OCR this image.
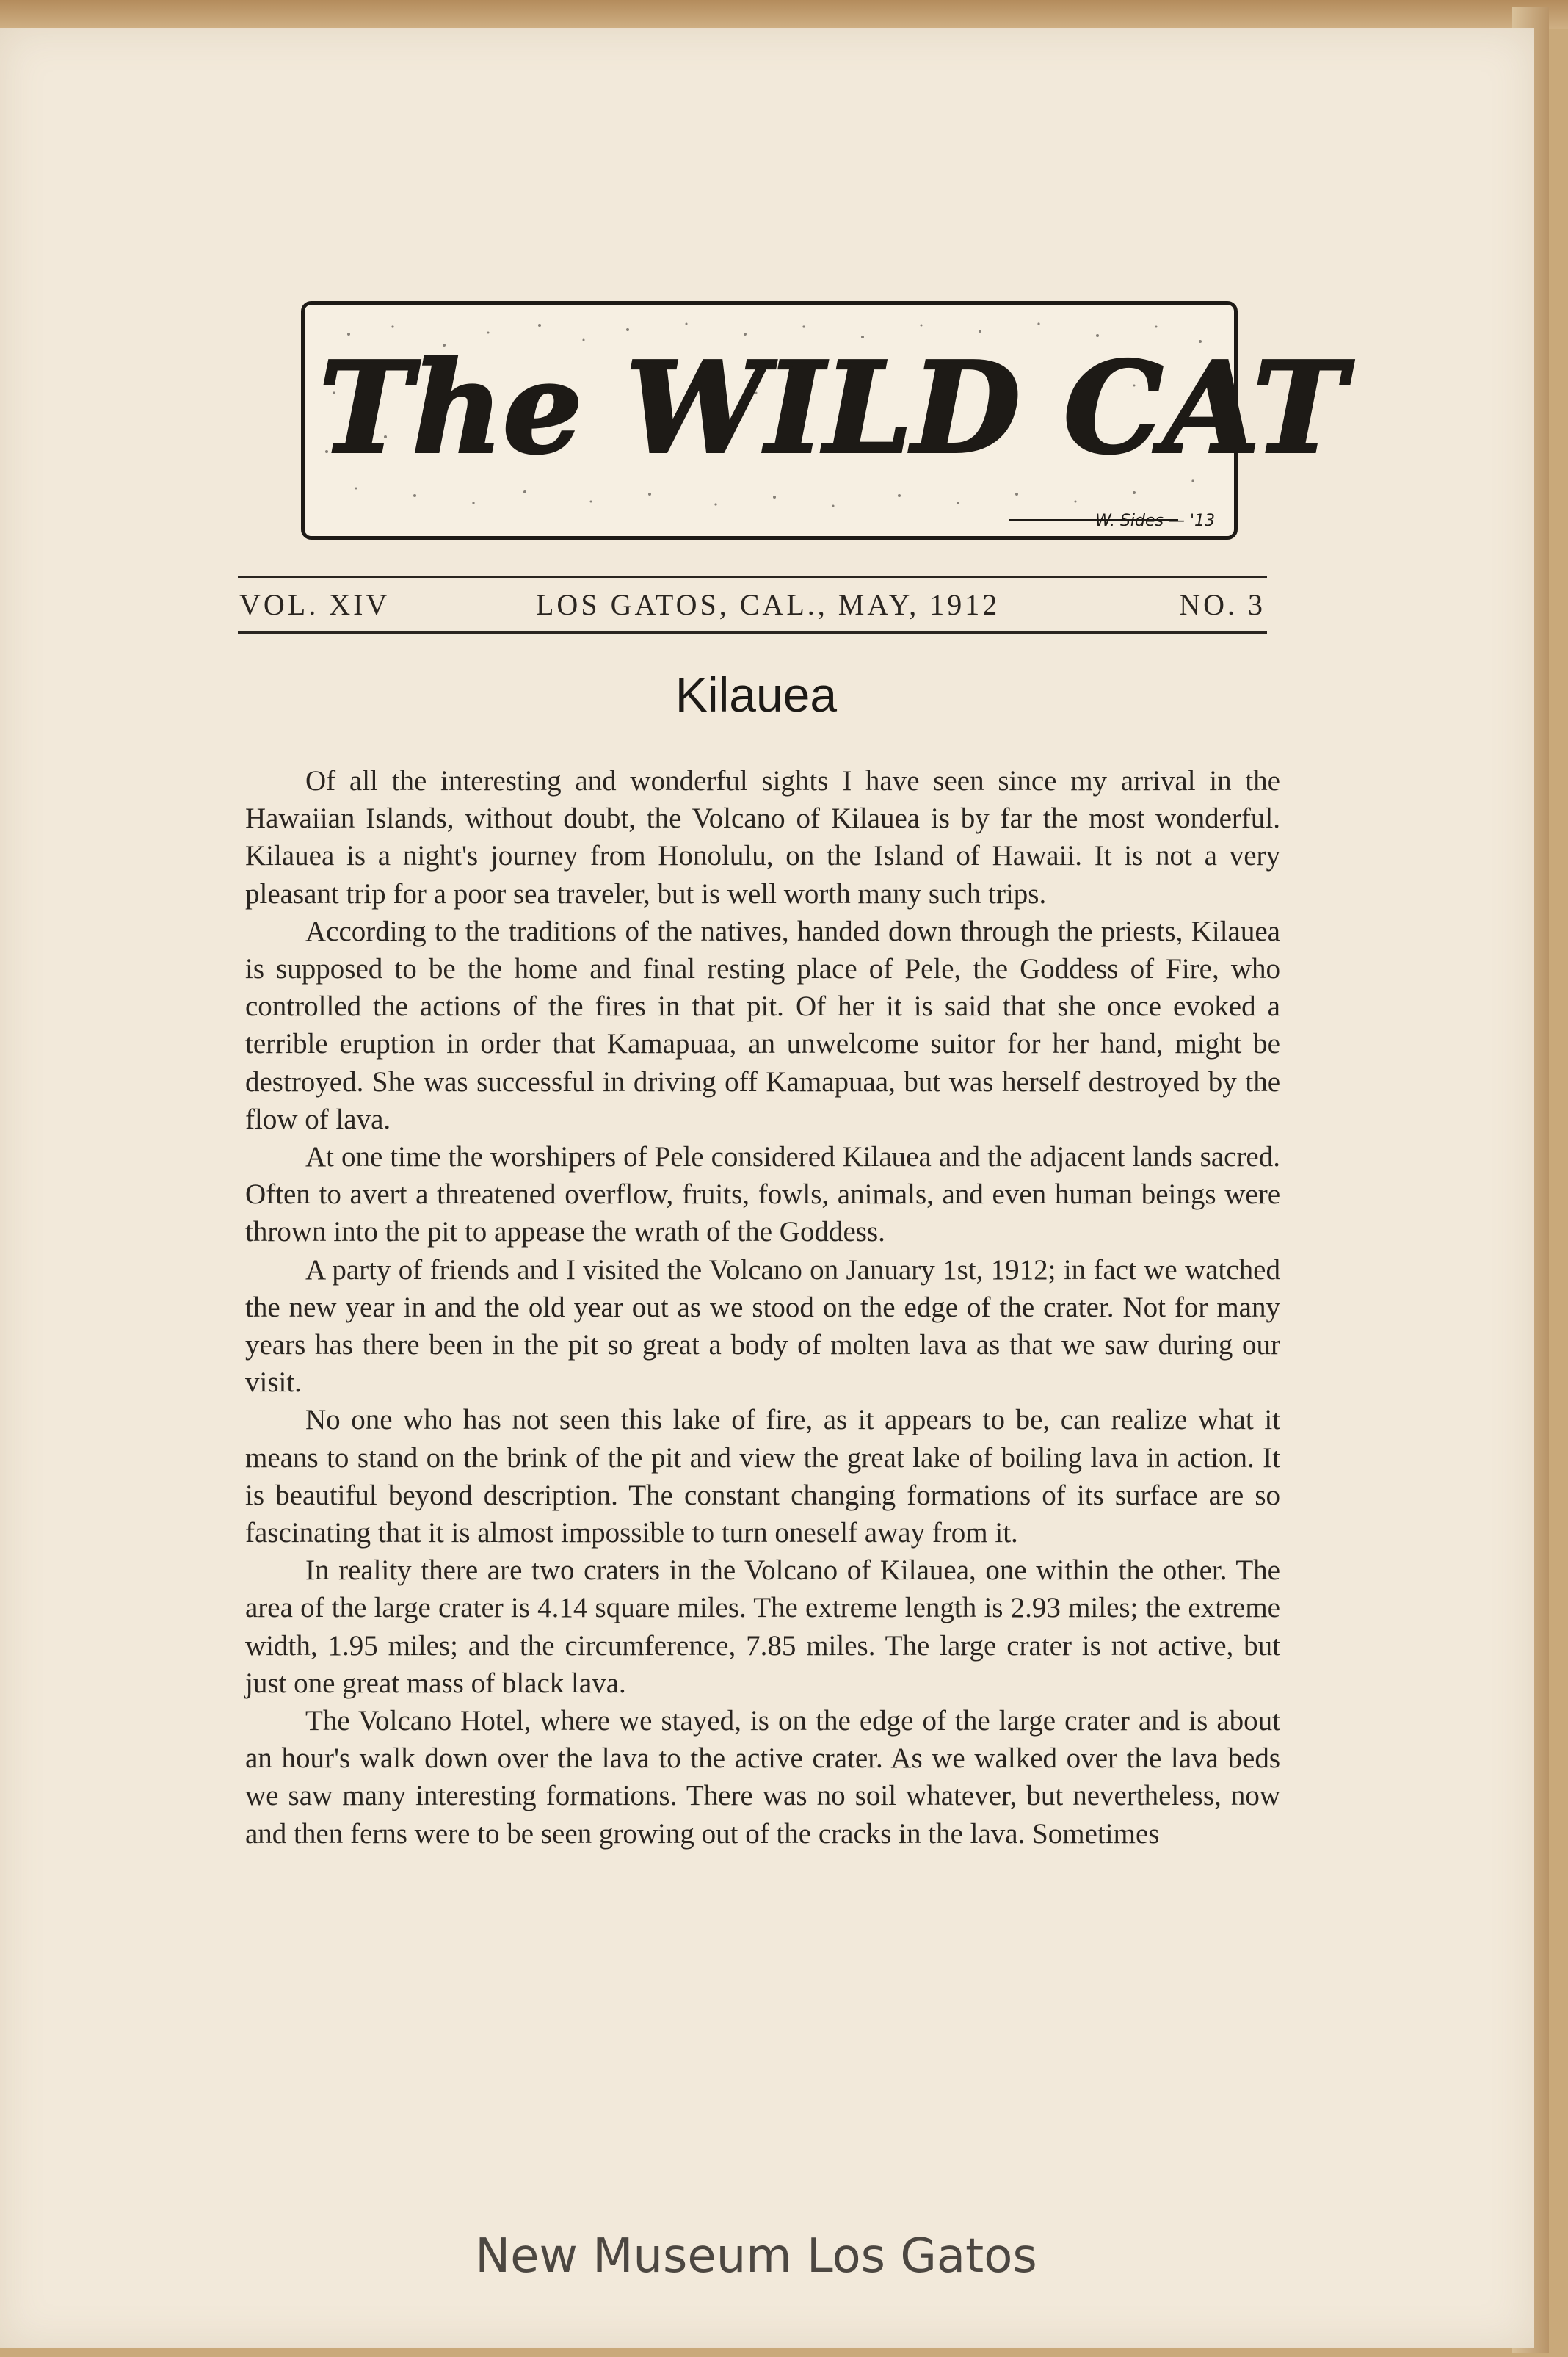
The WILD CAT
W. Sides — '13
VOL. XIV	LOS GATOS, CAL., MAY, 1912	NO. 3
Kilauea

Of all the interesting and wonderful sights I have seen since my arrival in the Hawaiian Islands, without doubt, the Volcano of Kilauea is by far the most wonderful. Kilauea is a night's journey from Honolulu, on the Island of Hawaii. It is not a very pleasant trip for a poor sea traveler, but is well worth many such trips.

According to the traditions of the natives, handed down through the priests, Kilauea is supposed to be the home and final resting place of Pele, the Goddess of Fire, who controlled the actions of the fires in that pit. Of her it is said that she once evoked a terrible eruption in order that Kamapuaa, an unwelcome suitor for her hand, might be destroyed. She was successful in driving off Kamapuaa, but was herself destroyed by the flow of lava.

At one time the worshipers of Pele considered Kilauea and the adjacent lands sacred. Often to avert a threatened overflow, fruits, fowls, animals, and even human beings were thrown into the pit to appease the wrath of the Goddess.

A party of friends and I visited the Volcano on January 1st, 1912; in fact we watched the new year in and the old year out as we stood on the edge of the crater. Not for many years has there been in the pit so great a body of molten lava as that we saw during our visit.

No one who has not seen this lake of fire, as it appears to be, can realize what it means to stand on the brink of the pit and view the great lake of boiling lava in action. It is beautiful beyond description. The constant changing formations of its surface are so fascinating that it is almost impossible to turn oneself away from it.

In reality there are two craters in the Volcano of Kilauea, one within the other. The area of the large crater is 4.14 square miles. The extreme length is 2.93 miles; the extreme width, 1.95 miles; and the circumference, 7.85 miles. The large crater is not active, but just one great mass of black lava.

The Volcano Hotel, where we stayed, is on the edge of the large crater and is about an hour's walk down over the lava to the active crater. As we walked over the lava beds we saw many interesting formations. There was no soil whatever, but nevertheless, now and then ferns were to be seen growing out of the cracks in the lava. Sometimes

New Museum Los Gatos
